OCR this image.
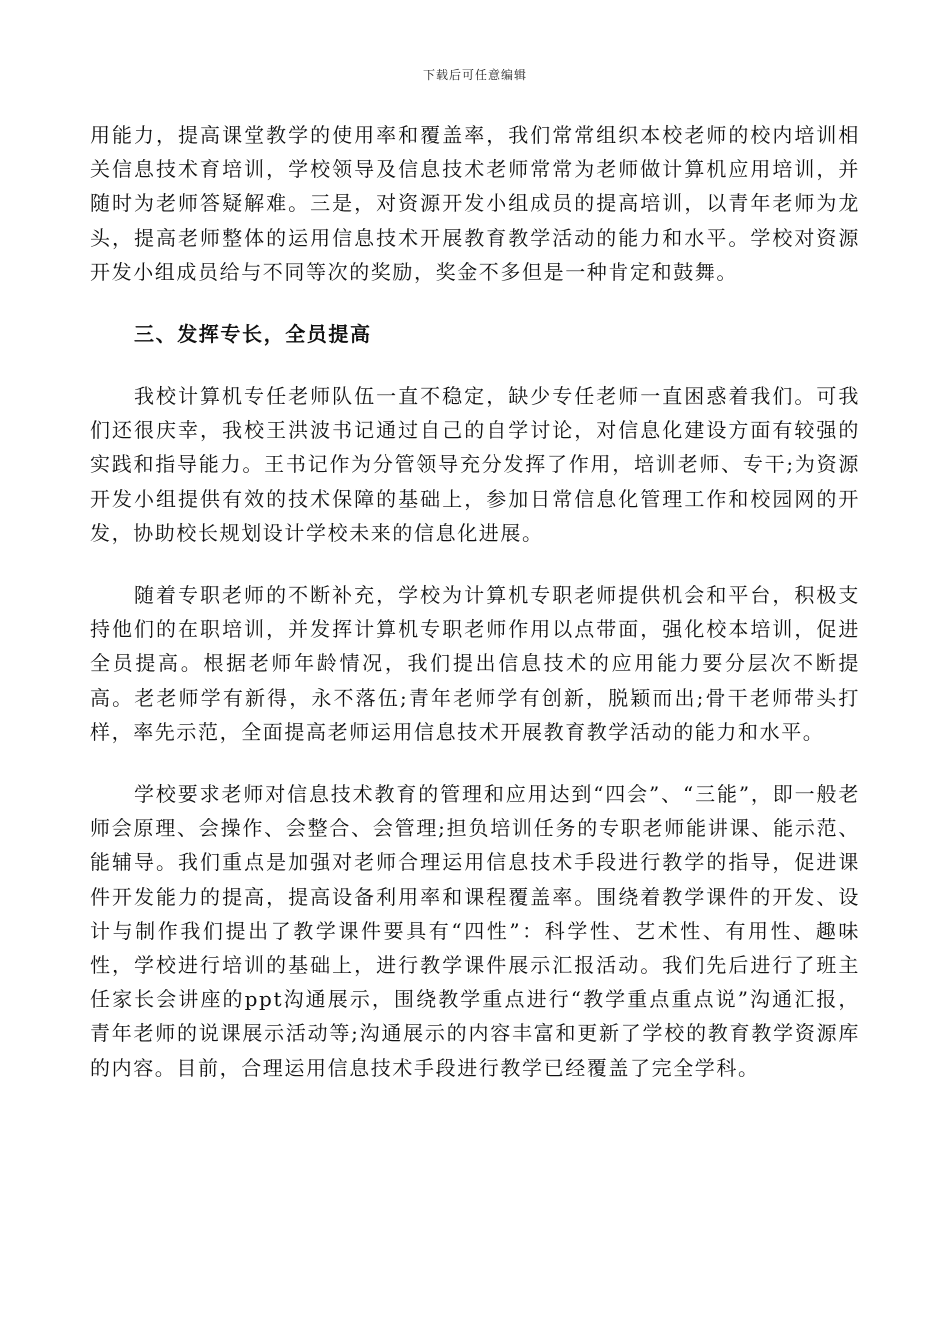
下载后可任意编辑

用能力，提高课堂教学的使用率和覆盖率，我们常常组织本校老师的校内培训相关信息技术育培训，学校领导及信息技术老师常常为老师做计算机应用培训，并随时为老师答疑解难。三是，对资源开发小组成员的提高培训，以青年老师为龙头，提高老师整体的运用信息技术开展教育教学活动的能力和水平。学校对资源开发小组成员给与不同等次的奖励，奖金不多但是一种肯定和鼓舞。

三、发挥专长，全员提高

我校计算机专任老师队伍一直不稳定，缺少专任老师一直困惑着我们。可我们还很庆幸，我校王洪波书记通过自己的自学讨论，对信息化建设方面有较强的实践和指导能力。王书记作为分管领导充分发挥了作用，培训老师、专干;为资源开发小组提供有效的技术保障的基础上，参加日常信息化管理工作和校园网的开发，协助校长规划设计学校未来的信息化进展。

随着专职老师的不断补充，学校为计算机专职老师提供机会和平台，积极支持他们的在职培训，并发挥计算机专职老师作用以点带面，强化校本培训，促进全员提高。根据老师年龄情况，我们提出信息技术的应用能力要分层次不断提高。老老师学有新得，永不落伍;青年老师学有创新，脱颖而出;骨干老师带头打样，率先示范，全面提高老师运用信息技术开展教育教学活动的能力和水平。

学校要求老师对信息技术教育的管理和应用达到“四会”、“三能”，即一般老师会原理、会操作、会整合、会管理;担负培训任务的专职老师能讲课、能示范、能辅导。我们重点是加强对老师合理运用信息技术手段进行教学的指导，促进课件开发能力的提高，提高设备利用率和课程覆盖率。围绕着教学课件的开发、设计与制作我们提出了教学课件要具有“四性”：科学性、艺术性、有用性、趣味性，学校进行培训的基础上，进行教学课件展示汇报活动。我们先后进行了班主任家长会讲座的ppt沟通展示，围绕教学重点进行“教学重点重点说”沟通汇报，青年老师的说课展示活动等;沟通展示的内容丰富和更新了学校的教育教学资源库的内容。目前，合理运用信息技术手段进行教学已经覆盖了完全学科。
